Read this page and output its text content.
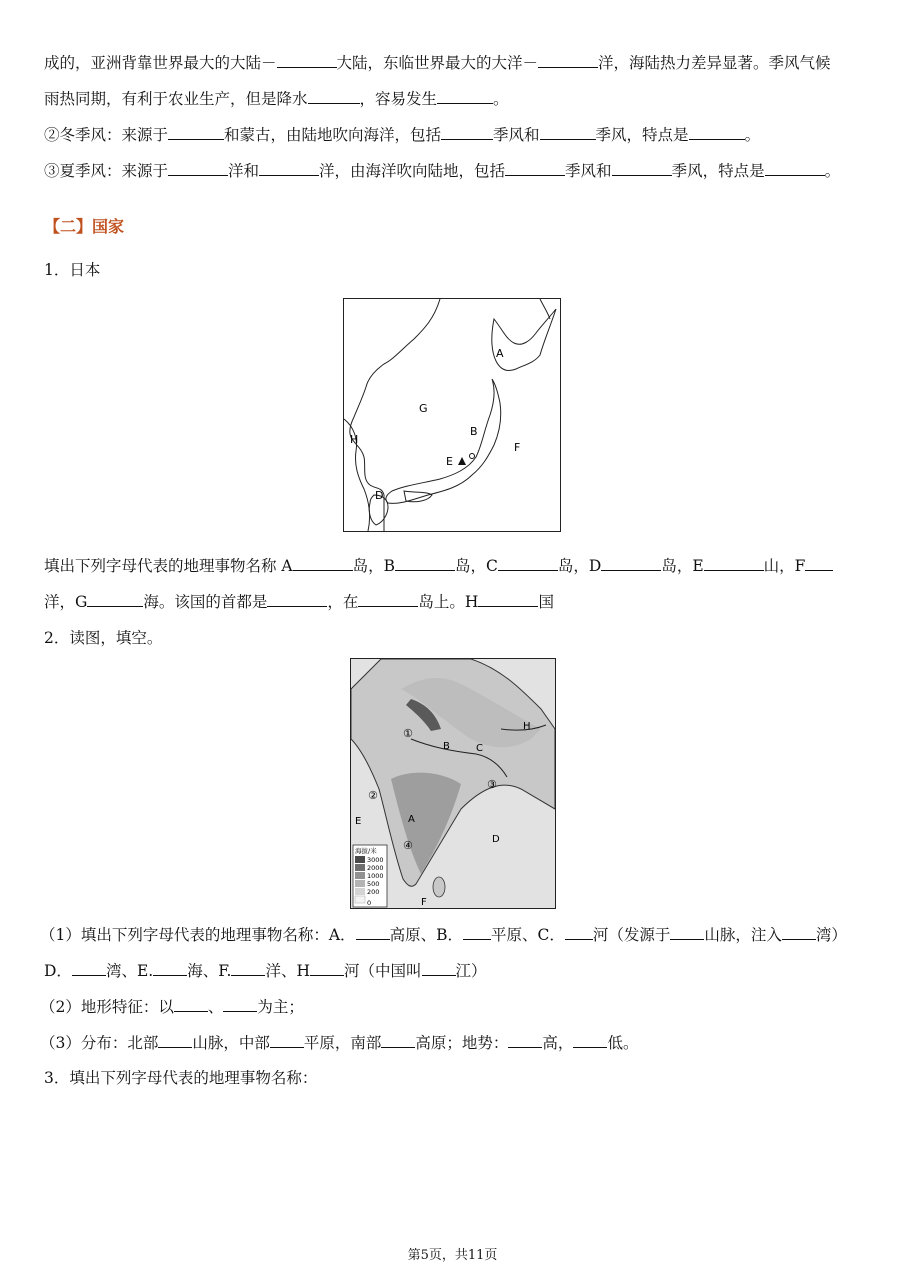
成的，亚洲背靠世界最大的大陆－	大陆，东临世界最大的大洋－	洋，海陆热力差异显著。季风气候
雨热同期，有利于农业生产，但是降水	，容易发生	。
②冬季风：来源于	和蒙古，由陆地吹向海洋，包括	季风和	季风，特点是	。
③夏季风：来源于	洋和	洋，由海洋吹向陆地，包括	季风和	季风，特点是	。
【二】国家
1．日本
A
B
D
E
F
G
H
填出下列字母代表的地理事物名称 A	岛，B	岛，C	岛，D	岛，E	山，F
洋，G	海。该国的首都是	，在	岛上。H	国
2．读图，填空。
B	C
H
A
D
E
F
①
②
③
④
海拔/米
3000
2000
1000
500
200
0
（1）填出下列字母代表的地理事物名称：A． 高原、B． 平原、C． 河（发源于 山脉，注入 湾）
D． 湾、E. 海、F. 洋、H 河（中国叫 江）
（2）地形特征：以 、 为主；
（3）分布：北部 山脉，中部 平原，南部 高原；地势： 高， 低。
3．填出下列字母代表的地理事物名称：
第5页，共11页
